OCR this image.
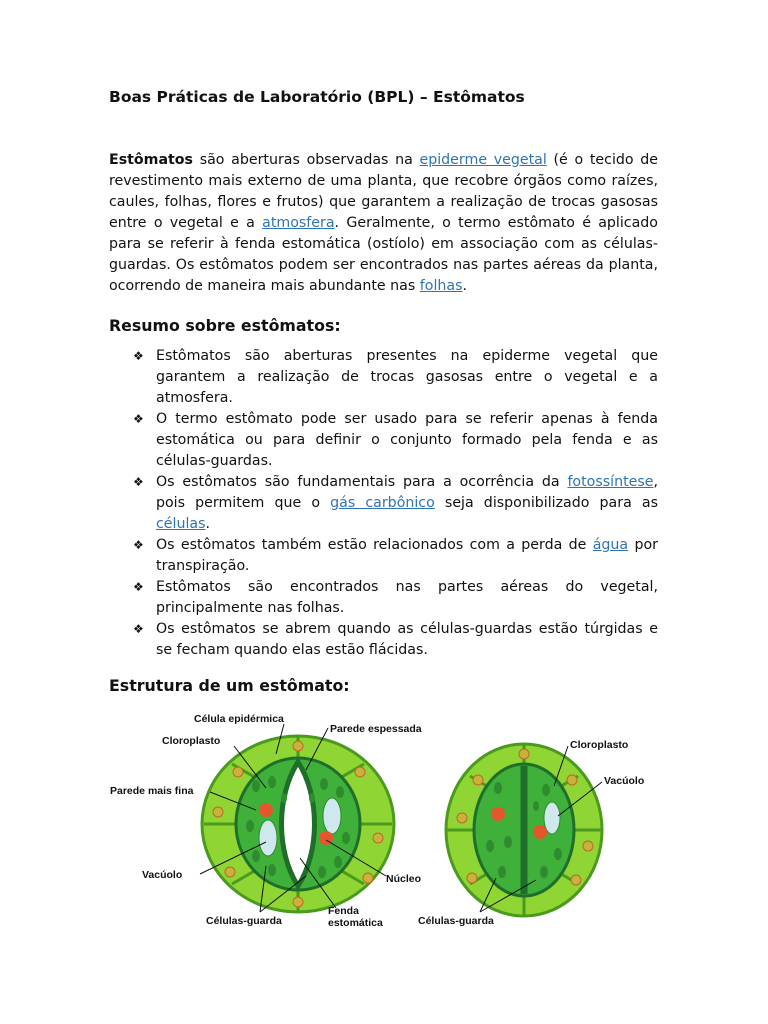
Boas Práticas de Laboratório (BPL) – Estômatos

Estômatos são aberturas observadas na epiderme vegetal (é o tecido de revestimento mais externo de uma planta, que recobre órgãos como raízes, caules, folhas, flores e frutos) que garantem a realização de trocas gasosas entre o vegetal e a atmosfera. Geralmente, o termo estômato é aplicado para se referir à fenda estomática (ostíolo) em associação com as células-guardas. Os estômatos podem ser encontrados nas partes aéreas da planta, ocorrendo de maneira mais abundante nas folhas.

Resumo sobre estômatos:
❖ Estômatos são aberturas presentes na epiderme vegetal que garantem a realização de trocas gasosas entre o vegetal e a atmosfera.
❖ O termo estômato pode ser usado para se referir apenas à fenda estomática ou para definir o conjunto formado pela fenda e as células-guardas.
❖ Os estômatos são fundamentais para a ocorrência da fotossíntese, pois permitem que o gás carbônico seja disponibilizado para as células.
❖ Os estômatos também estão relacionados com a perda de água por transpiração.
❖ Estômatos são encontrados nas partes aéreas do vegetal, principalmente nas folhas.
❖ Os estômatos se abrem quando as células-guardas estão túrgidas e se fecham quando elas estão flácidas.
Estrutura de um estômato:
Célula epidérmica
Parede espessada
Cloroplasto
Parede mais fina
Vacúolo	Núcleo
Células-guarda
Fenda
estomática
Cloroplasto
Vacúolo
Células-guarda
